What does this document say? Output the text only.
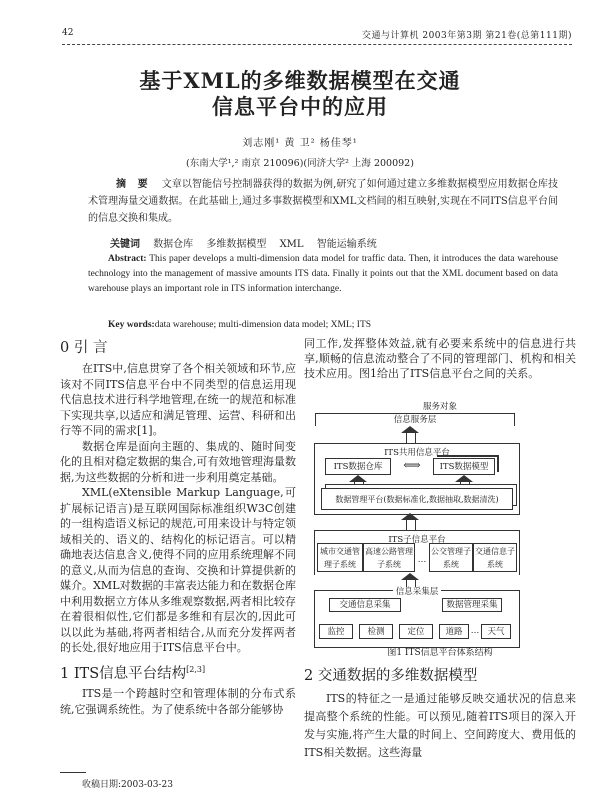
42	交通与计算机 2003年第3期 第21卷(总第111期)
基于XML的多维数据模型在交通
信息平台中的应用
刘志刚¹ 黄 卫² 杨佳琴¹
(东南大学¹,² 南京 210096)(同济大学² 上海 200092)
摘 要 文章以智能信号控制器获得的数据为例,研究了如何通过建立多维数据模型应用数据仓库技术管理海量交通数据。在此基础上,通过多事数据模型和XML文档间的相互映射,实现在不同ITS信息平台间的信息交换和集成。
关键词 数据仓库 多维数据模型 XML 智能运输系统
Abstract: This paper develops a multi-dimension data model for traffic data. Then, it introduces the data warehouse technology into the management of massive amounts ITS data. Finally it points out that the XML document based on data warehouse plays an important role in ITS information interchange.
Key words:data warehouse; multi-dimension data model; XML; ITS

0 引 言

在ITS中,信息贯穿了各个相关领域和环节,应该对不同ITS信息平台中不同类型的信息运用现代信息技术进行科学地管理,在统一的规范和标准下实现共享,以适应和满足管理、运营、科研和出行等不同的需求[1]。

数据仓库是面向主题的、集成的、随时间变化的且相对稳定数据的集合,可有效地管理海量数据,为这些数据的分析和进一步利用奠定基础。

XML(eXtensible Markup Language,可扩展标记语言)是互联网国际标准组织W3C创建的一组构造语义标记的规范,可用来设计与特定领域相关的、语义的、结构化的标记语言。可以精确地表达信息含义,使得不同的应用系统理解不同的意义,从而为信息的查询、交换和计算提供新的媒介。XML对数据的丰富表达能力和在数据仓库中利用数据立方体从多维观察数据,两者相比较存在着很相似性,它们都是多维和有层次的,因此可以以此为基础,将两者相结合,从而充分发挥两者的长处,很好地应用于ITS信息平台中。

1 ITS信息平台结构[2,3]

ITS是一个跨越时空和管理体制的分布式系统,它强调系统性。为了使系统中各部分能够协

收稿日期:2003-03-23

同工作,发挥整体效益,就有必要来系统中的信息进行共享,顺畅的信息流动整合了不同的管理部门、机构和相关技术应用。图1给出了ITS信息平台之间的关系。

服务对象
信息服务层
ITS共用信息平台
ITS数据仓库	⟺	ITS数据模型
数据管理平台(数据标准化,数据抽取,数据清洗)
ITS子信息平台
城市交通管理子系统
高速公路管理子系统	…
公交管理子系统
交通信息子系统
信息采集层
交通信息采集	数据管理采集
监控	检测	定位	道路 … 天气
图1 ITS信息平台体系结构

2 交通数据的多维数据模型

ITS的特征之一是通过能够反映交通状况的信息来提高整个系统的性能。可以预见,随着ITS项目的深入开发与实施,将产生大量的时间上、空间跨度大、费用低的ITS相关数据。这些海量
